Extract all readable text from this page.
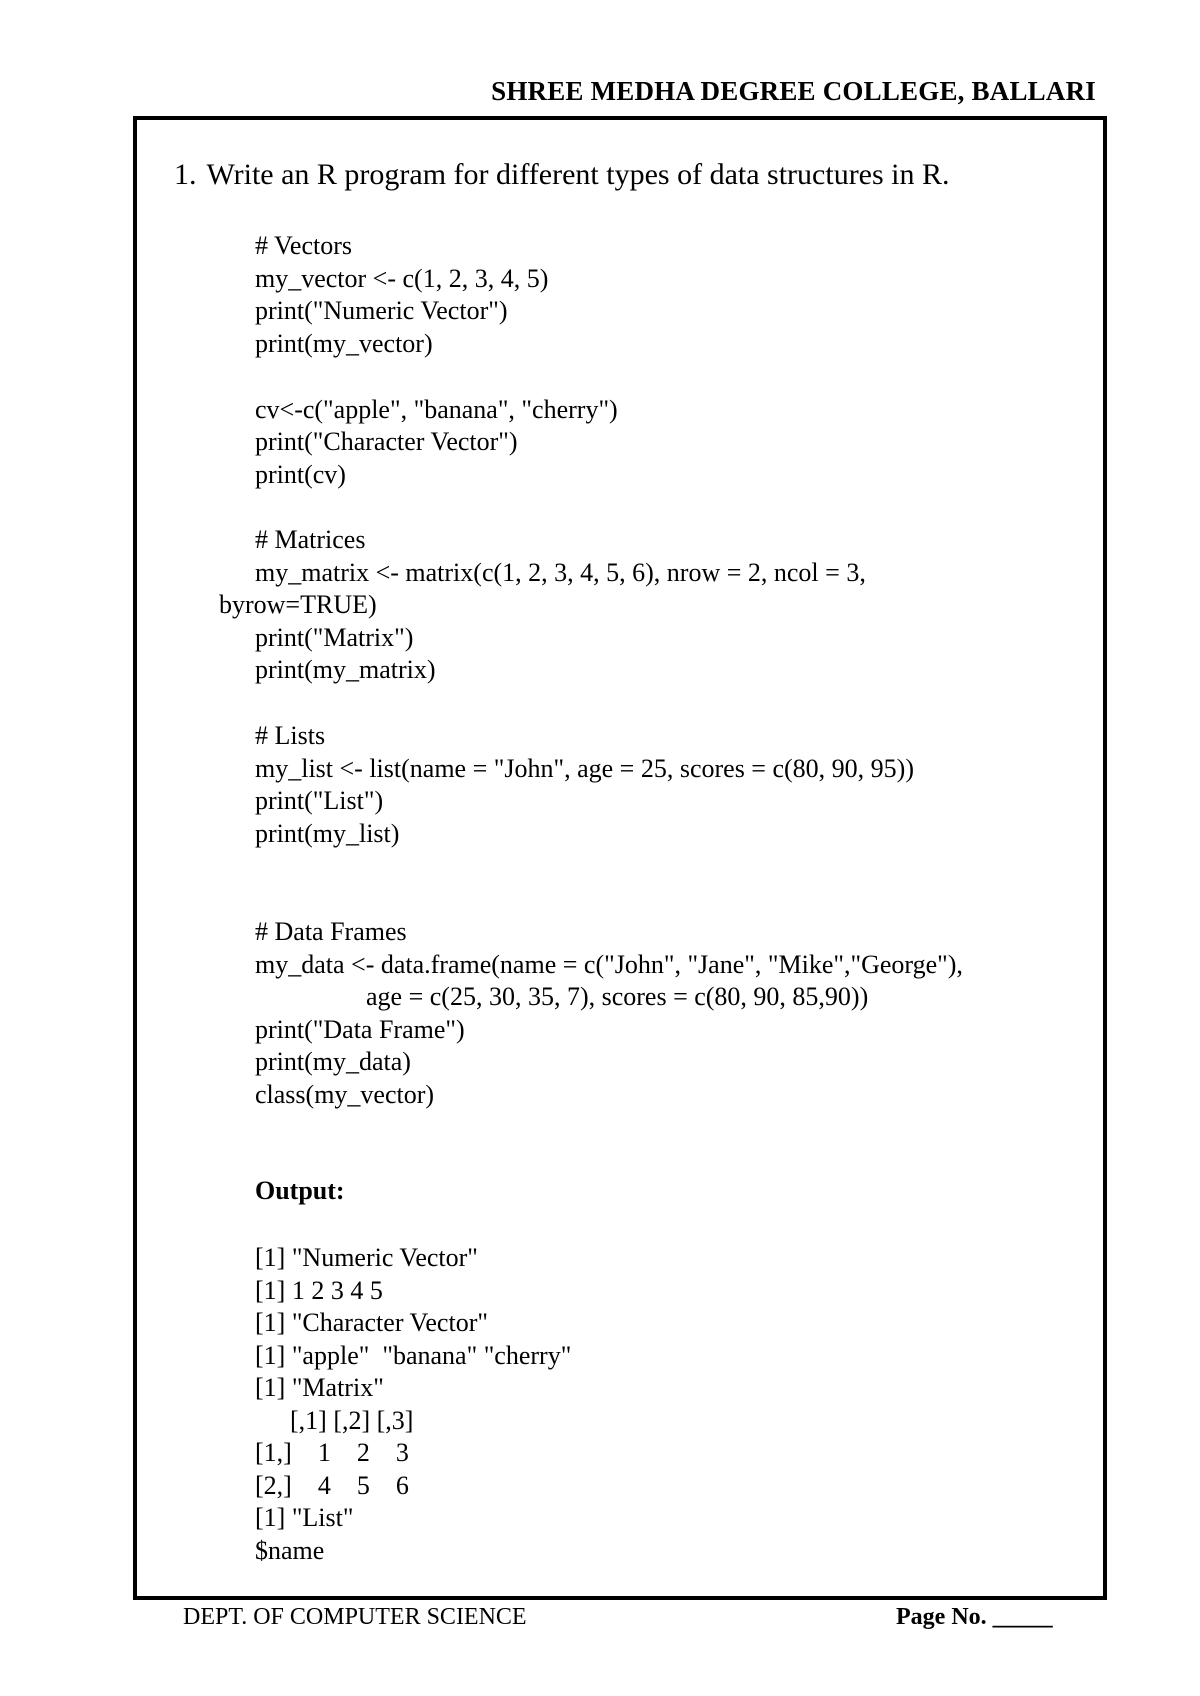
SHREE MEDHA DEGREE COLLEGE, BALLARI
1. Write an R program for different types of data structures in R.
# Vectors
my_vector <- c(1, 2, 3, 4, 5)
print("Numeric Vector")
print(my_vector)
cv<-c("apple", "banana", "cherry")
print("Character Vector")
print(cv)
# Matrices
my_matrix <- matrix(c(1, 2, 3, 4, 5, 6), nrow = 2, ncol = 3,
byrow=TRUE)
print("Matrix")
print(my_matrix)
# Lists
my_list <- list(name = "John", age = 25, scores = c(80, 90, 95))
print("List")
print(my_list)
# Data Frames
my_data <- data.frame(name = c("John", "Jane", "Mike","George"),
age = c(25, 30, 35, 7), scores = c(80, 90, 85,90))
print("Data Frame")
print(my_data)
class(my_vector)
Output:
[1] "Numeric Vector"
[1] 1 2 3 4 5
[1] "Character Vector"
[1] "apple"  "banana" "cherry"
[1] "Matrix"
[,1] [,2] [,3]
[1,]    1    2    3
[2,]    4    5    6
[1] "List"
$name
DEPT. OF COMPUTER SCIENCE	Page No. _____
